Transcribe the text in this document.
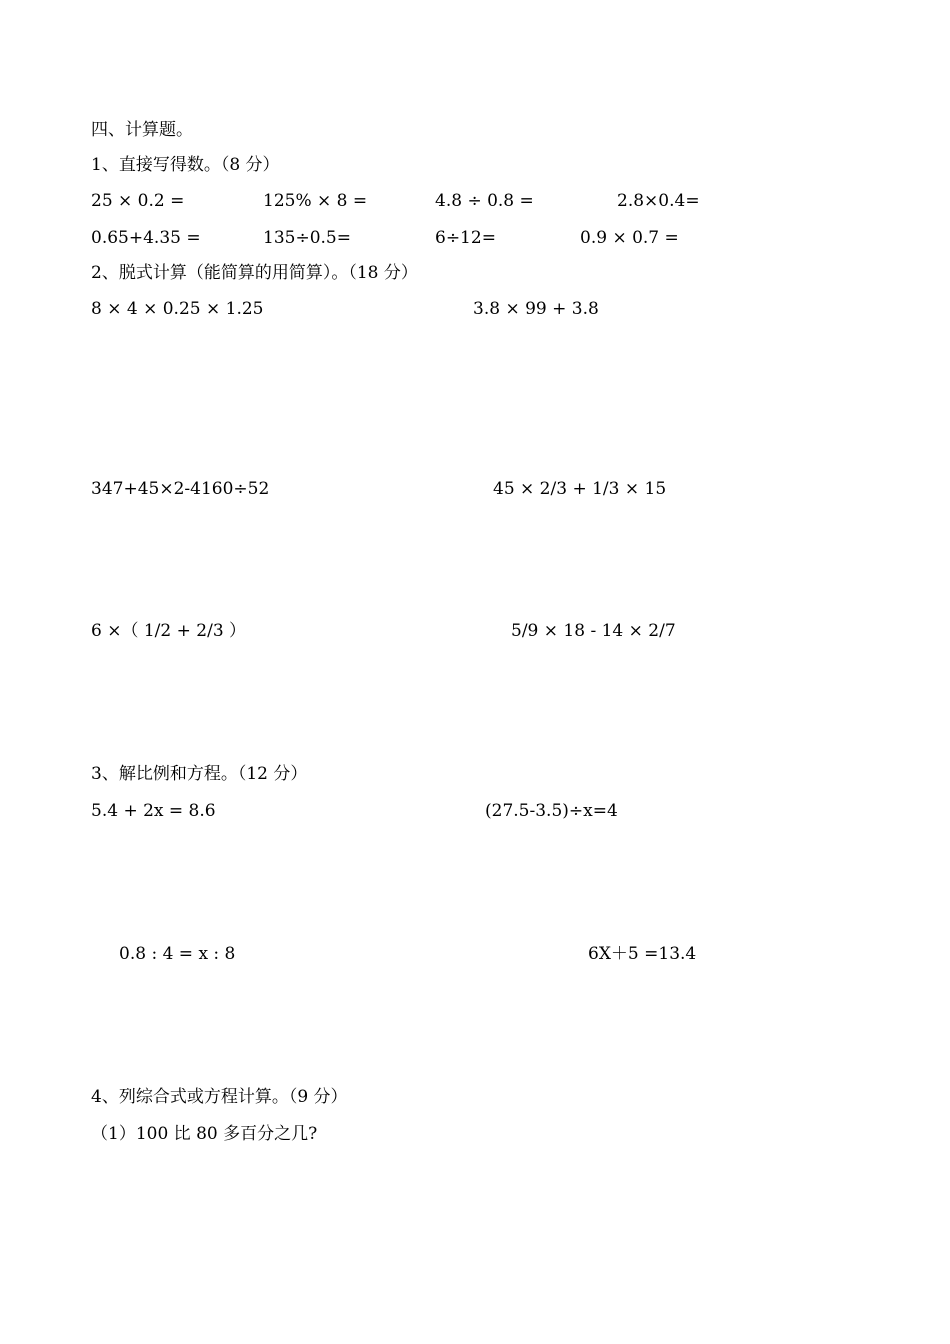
四、计算题。
1、直接写得数。（8 分）
25 × 0.2 =	125% × 8 =	4.8 ÷ 0.8 =	2.8×0.4=
0.65+4.35 =	135÷0.5=	6÷12=	0.9 × 0.7 =
2、脱式计算（能简算的用简算）。（18 分）
8 × 4 × 0.25 × 1.25	3.8 × 99 + 3.8
347+45×2-4160÷52	45 × 2/3 + 1/3 × 15
6 ×（ 1/2 + 2/3 ）	5/9 × 18 - 14 × 2/7
3、解比例和方程。（12 分）
5.4 + 2x = 8.6	(27.5-3.5)÷x=4
0.8 : 4 = x : 8	6X＋5 =13.4
4、列综合式或方程计算。（9 分）
（1）100 比 80 多百分之几?
